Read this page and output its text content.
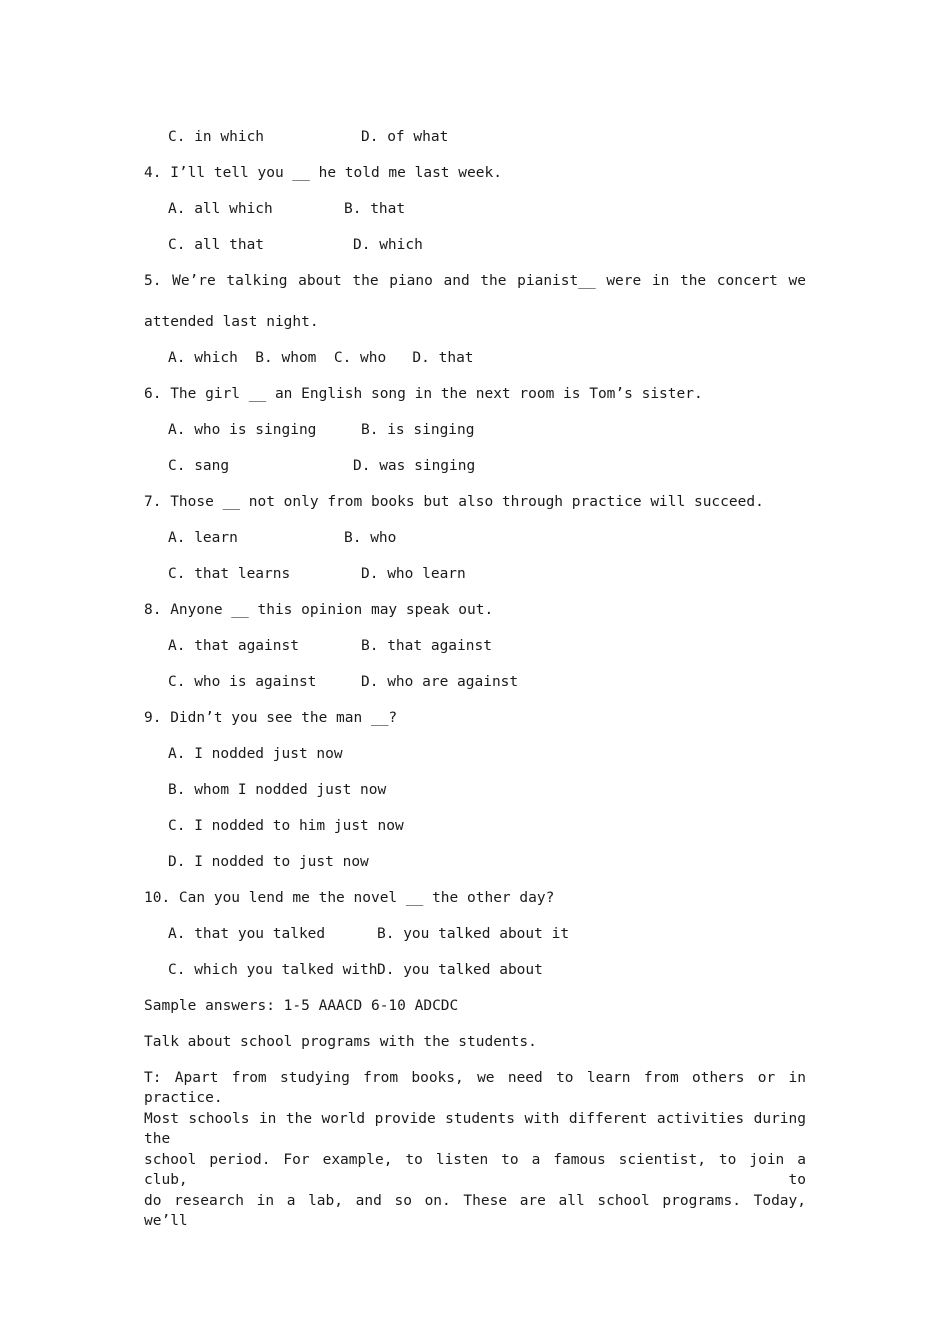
C. in which	D. of what
4. I’ll tell you __ he told me last week.
A. all which	B. that
C. all that	D. which
5. We’re talking about the piano and the pianist__ were in the concert we
attended last night.
A. which  B. whom  C. who   D. that
6. The girl __ an English song in the next room is Tom’s sister.
A. who is singing	B. is singing
C. sang	D. was singing
7. Those __ not only from books but also through practice will succeed.
A. learn	B. who
C. that learns	D. who learn
8. Anyone __ this opinion may speak out.
A. that against	B. that against
C. who is against	D. who are against
9. Didn’t you see the man __?
A. I nodded just now
B. whom I nodded just now
C. I nodded to him just now
D. I nodded to just now
10. Can you lend me the novel __ the other day?
A. that you talked	B. you talked about it
C. which you talked with D. you talked about
Sample answers: 1-5 AAACD 6-10 ADCDC
Talk about school programs with the students.
T: Apart from studying from books, we need to learn from others or in practice.
Most schools in the world provide students with different activities during the
school period. For example, to listen to a famous scientist, to join a club, to
do research in a lab, and so on. These are all school programs. Today, we’ll
